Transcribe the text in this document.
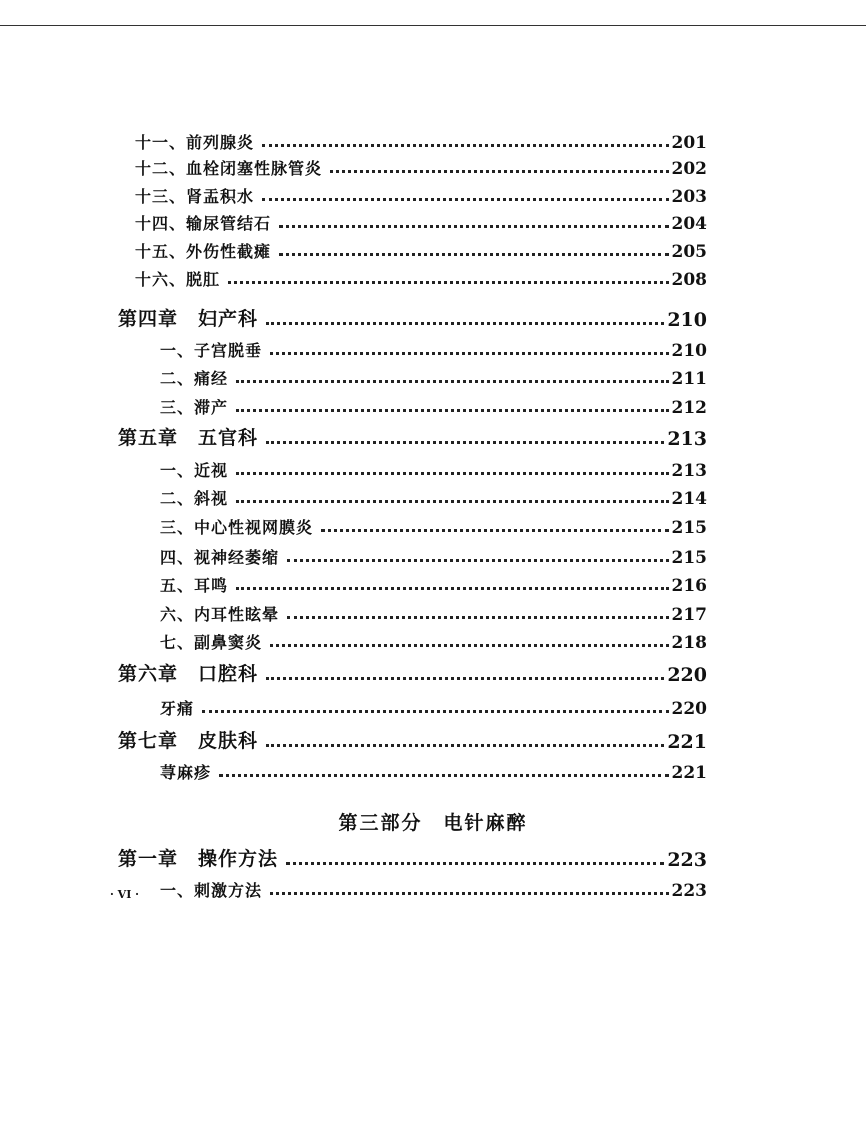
十一、前列腺炎	201
十二、血栓闭塞性脉管炎	202
十三、肾盂积水	203
十四、输尿管结石	204
十五、外伤性截瘫	205
十六、脱肛	208
第四章　妇产科	210
一、子宫脱垂	210
二、痛经	211
三、滞产	212
第五章　五官科	213
一、近视	213
二、斜视	214
三、中心性视网膜炎	215
四、视神经萎缩	215
五、耳鸣	216
六、内耳性眩晕	217
七、副鼻窦炎	218
第六章　口腔科	220
牙痛	220
第七章　皮肤科	221
荨麻疹	221
第一章　操作方法	223
一、刺激方法	223
第三部分　电针麻醉
· VI ·
